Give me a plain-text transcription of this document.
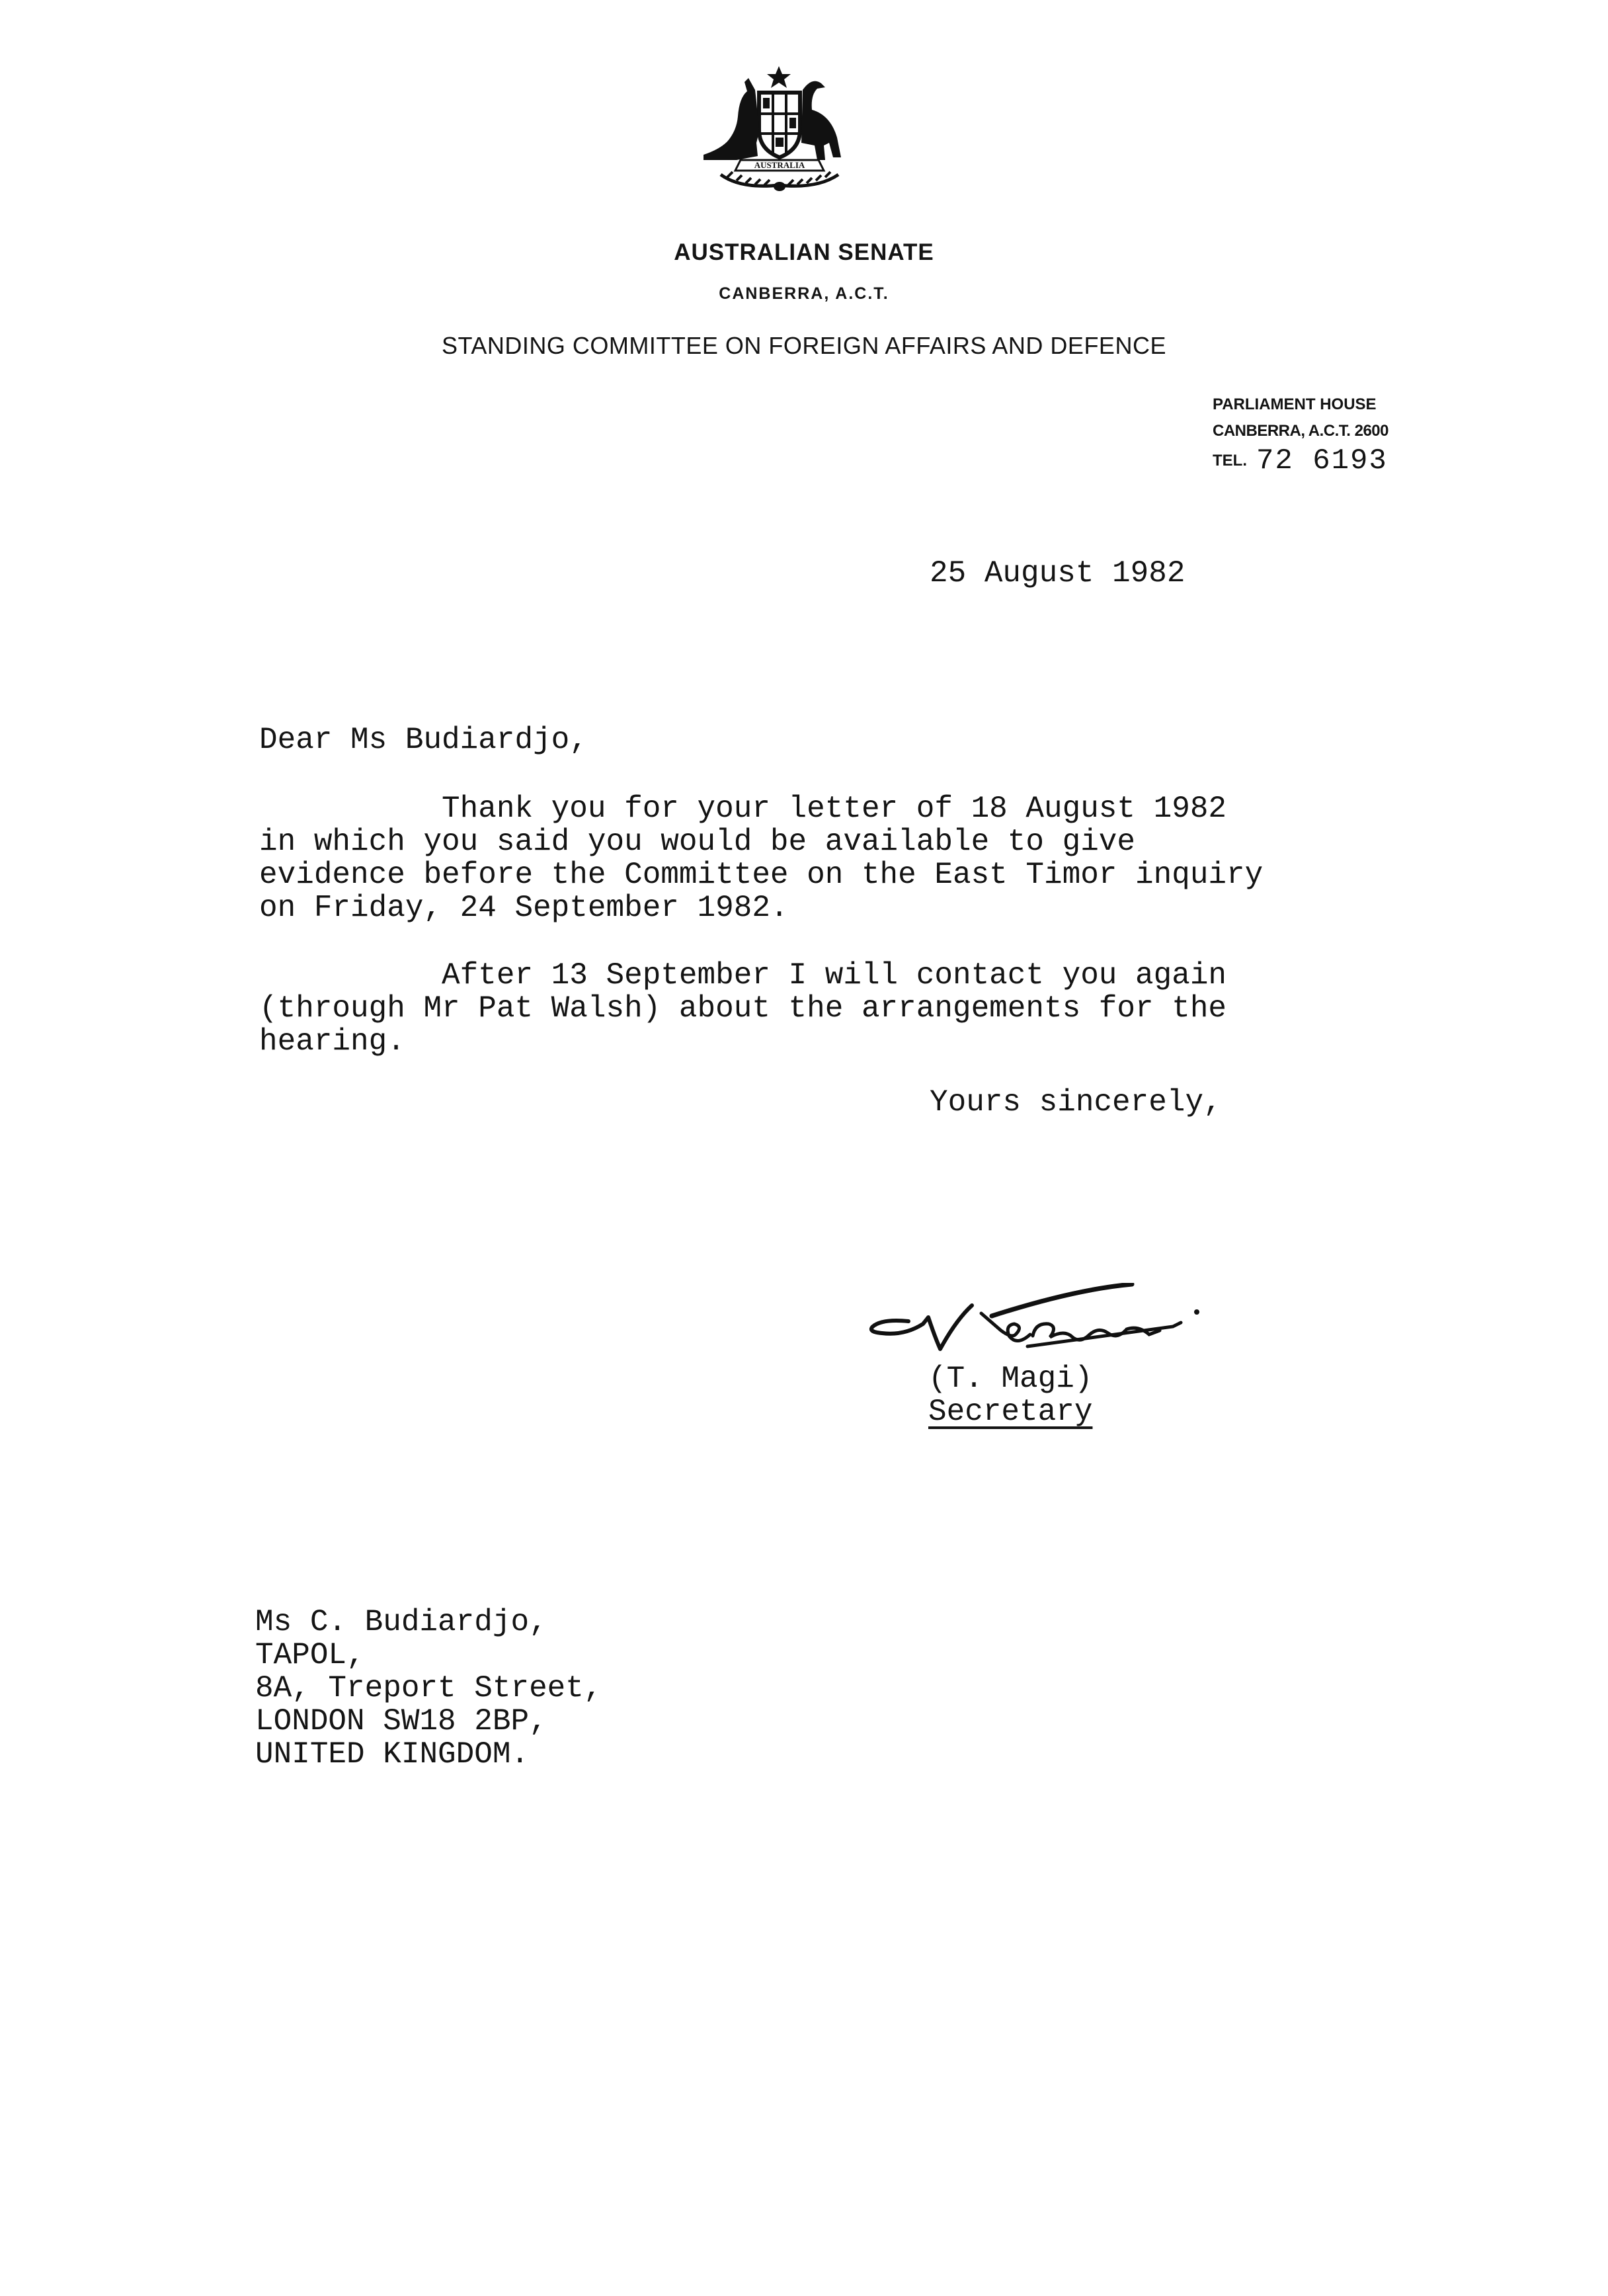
AUSTRALIA
AUSTRALIAN SENATE
CANBERRA, A.C.T.
STANDING COMMITTEE ON FOREIGN AFFAIRS AND DEFENCE
PARLIAMENT HOUSE
CANBERRA, A.C.T. 2600
TEL. 72 6193
25 August 1982
Dear Ms Budiardjo,
Thank you for your letter of 18 August 1982
in which you said you would be available to give
evidence before the Committee on the East Timor inquiry
on Friday, 24 September 1982.
After 13 September I will contact you again
(through Mr Pat Walsh) about the arrangements for the
hearing.
Yours sincerely,
(T. Magi)
Secretary
Ms C. Budiardjo,
TAPOL,
8A, Treport Street,
LONDON SW18 2BP,
UNITED KINGDOM.
